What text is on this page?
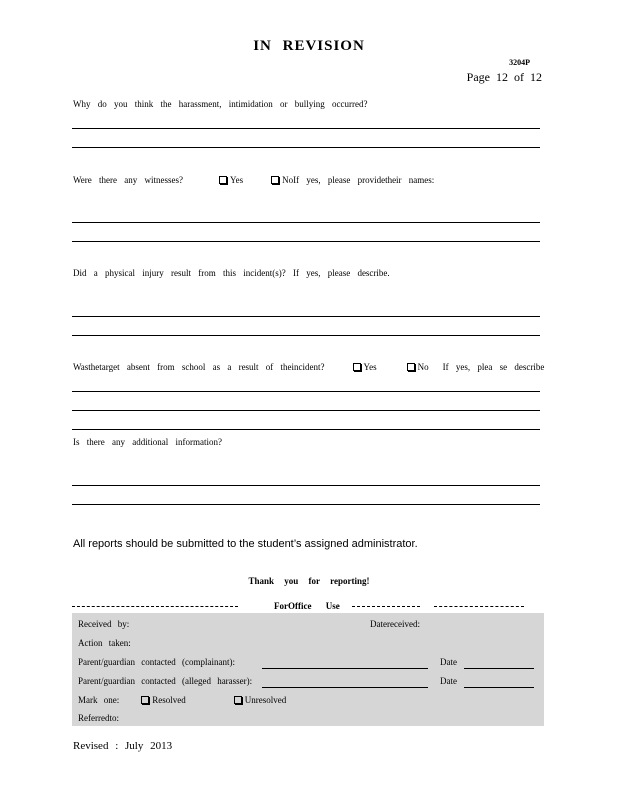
IN REVISION
3204P
Page 12 of 12
Why do you think the harassment, intimidation or bullying occurred?
Were there any witnesses?	Yes	NoIf yes, please providetheir names:
Did a physical injury result from this incident(s)? If yes, please describe.
Wasthetarget absent from school as a result of theincident?	Yes	No If yes, plea se describe
Is there any additional information?
All reports should be submitted to the student’s assigned administrator.
Thank you for reporting!
ForOffice Use
Received by:	Datereceived:
Action taken:
Parent/guardian contacted (complainant):	Date
Parent/guardian contacted (alleged harasser):	Date
Mark one:	Resolved	Unresolved
Referredto:
Revised : July 2013
